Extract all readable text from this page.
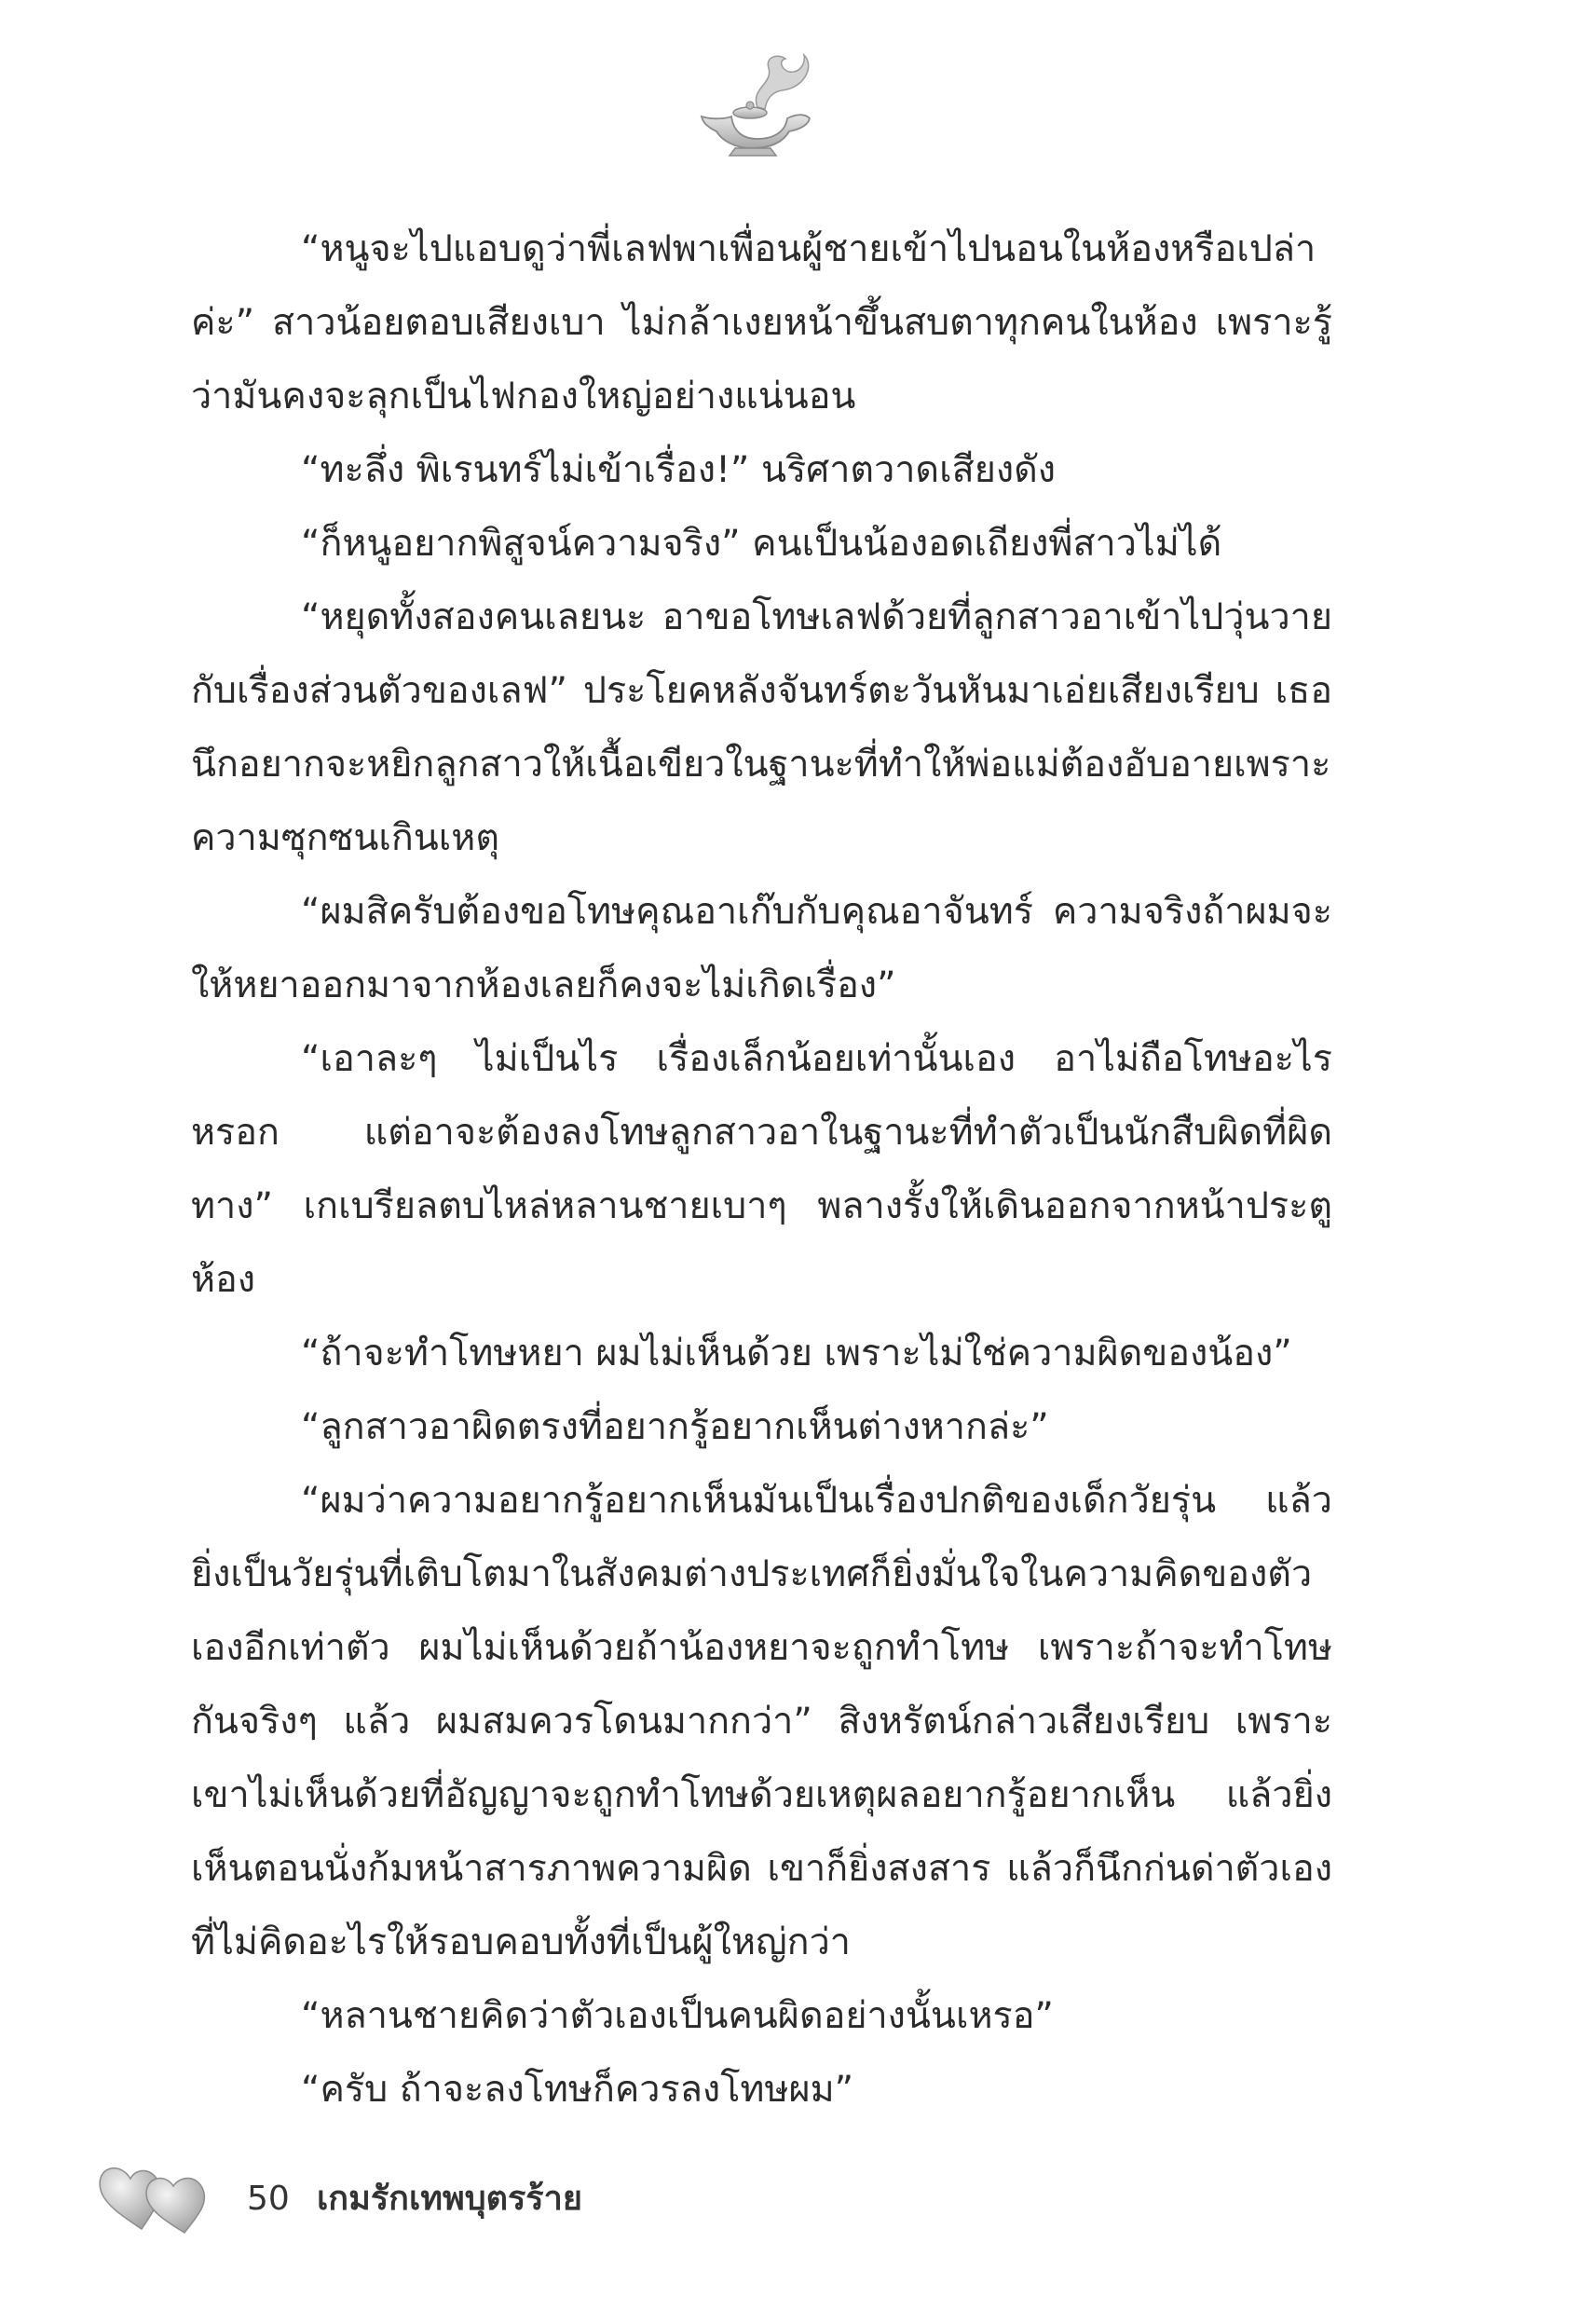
“หนูจะไปแอบดูว่าพี่เลฟพาเพื่อนผู้ชายเข้าไปนอนในห้องหรือเปล่าค่ะ” สาวน้อยตอบเสียงเบา ไม่กล้าเงยหน้าขึ้นสบตาทุกคนในห้อง เพราะรู้ว่ามันคงจะลุกเป็นไฟกองใหญ่อย่างแน่นอน

“ทะลึ่ง พิเรนทร์ไม่เข้าเรื่อง!” นริศาตวาดเสียงดัง

“ก็หนูอยากพิสูจน์ความจริง” คนเป็นน้องอดเถียงพี่สาวไม่ได้

“หยุดทั้งสองคนเลยนะ อาขอโทษเลฟด้วยที่ลูกสาวอาเข้าไปวุ่นวายกับเรื่องส่วนตัวของเลฟ” ประโยคหลังจันทร์ตะวันหันมาเอ่ยเสียงเรียบ เธอนึกอยากจะหยิกลูกสาวให้เนื้อเขียวในฐานะที่ทำให้พ่อแม่ต้องอับอายเพราะความซุกซนเกินเหตุ

“ผมสิครับต้องขอโทษคุณอาเก๊บกับคุณอาจันทร์ ความจริงถ้าผมจะให้หยาออกมาจากห้องเลยก็คงจะไม่เกิดเรื่อง”

“เอาละๆ ไม่เป็นไร เรื่องเล็กน้อยเท่านั้นเอง อาไม่ถือโทษอะไรหรอก แต่อาจะต้องลงโทษลูกสาวอาในฐานะที่ทำตัวเป็นนักสืบผิดที่ผิดทาง” เกเบรียลตบไหล่หลานชายเบาๆ พลางรั้งให้เดินออกจากหน้าประตูห้อง

“ถ้าจะทำโทษหยา ผมไม่เห็นด้วย เพราะไม่ใช่ความผิดของน้อง”

“ลูกสาวอาผิดตรงที่อยากรู้อยากเห็นต่างหากล่ะ”

“ผมว่าความอยากรู้อยากเห็นมันเป็นเรื่องปกติของเด็กวัยรุ่น แล้วยิ่งเป็นวัยรุ่นที่เติบโตมาในสังคมต่างประเทศก็ยิ่งมั่นใจในความคิดของตัวเองอีกเท่าตัว ผมไม่เห็นด้วยถ้าน้องหยาจะถูกทำโทษ เพราะถ้าจะทำโทษกันจริงๆ แล้ว ผมสมควรโดนมากกว่า” สิงหรัตน์กล่าวเสียงเรียบ เพราะเขาไม่เห็นด้วยที่อัญญาจะถูกทำโทษด้วยเหตุผลอยากรู้อยากเห็น แล้วยิ่งเห็นตอนนั่งก้มหน้าสารภาพความผิด เขาก็ยิ่งสงสาร แล้วก็นึกก่นด่าตัวเองที่ไม่คิดอะไรให้รอบคอบทั้งที่เป็นผู้ใหญ่กว่า

“หลานชายคิดว่าตัวเองเป็นคนผิดอย่างนั้นเหรอ”

“ครับ ถ้าจะลงโทษก็ควรลงโทษผม”

50 เกมรักเทพบุตรร้าย
